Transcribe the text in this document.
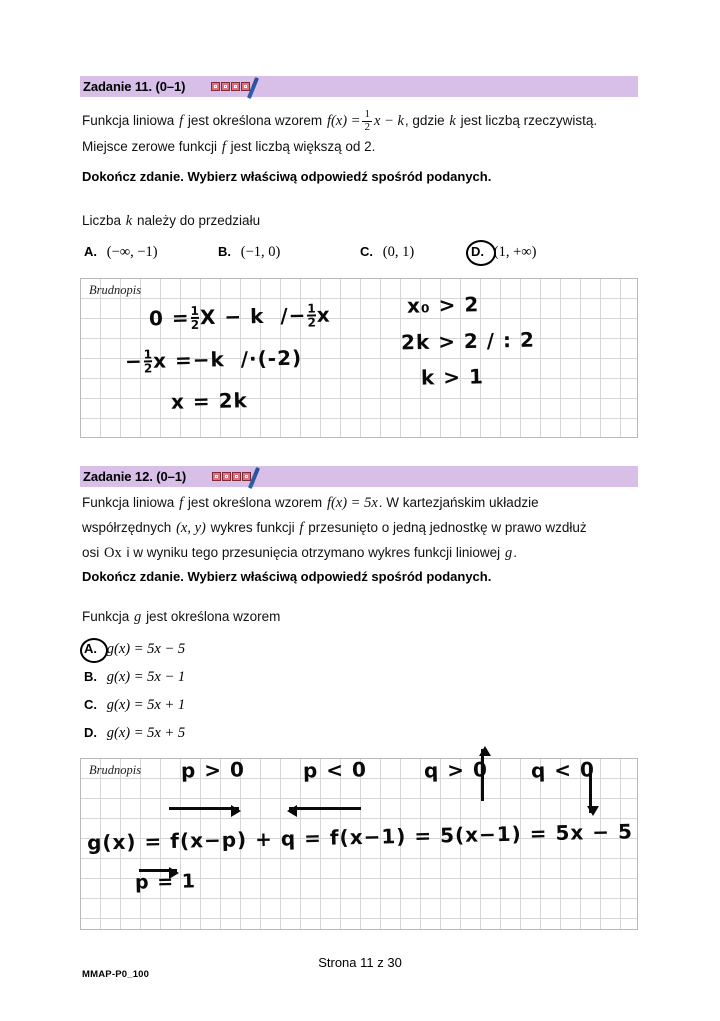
Zadanie 11. (0–1)
Funkcja liniowa f jest określona wzorem $f(x) = \frac{1}{2}$ x − k, gdzie k jest liczbą rzeczywistą.
Miejsce zerowe funkcji f jest liczbą większą od 2.
Dokończ zdanie. Wybierz właściwą odpowiedź spośród podanych.
Liczba k należy do przedziału
A. (−∞, −1)	B. (−1, 0)	C. (0, 1)	D. (1, +∞)
Brudnopis
$0 = \frac{1}{2}$ $X - k /- \frac{1}{2}$ x
− $\frac{1}{2}$ x =−k  /·(-2)
x = 2k
x₀ > 2
2k > 2 / : 2
k > 1
Zadanie 12. (0–1)
Funkcja liniowa f jest określona wzorem f(x) = 5x. W kartezjańskim układzie
współrzędnych (x, y) wykres funkcji f przesunięto o jedną jednostkę w prawo wzdłuż
osi Ox i w wyniku tego przesunięcia otrzymano wykres funkcji liniowej g.
Dokończ zdanie. Wybierz właściwą odpowiedź spośród podanych.
Funkcja g jest określona wzorem
A. g(x) = 5x − 5
B. g(x) = 5x − 1
C. g(x) = 5x + 1
D. g(x) = 5x + 5
Brudnopis p > 0	p < 0	q > 0 q < 0
g(x) = f(x−p) + q = f(x−1) = 5(x−1) = 5x − 5
p = 1
Strona 11 z 30
MMAP-P0_100
